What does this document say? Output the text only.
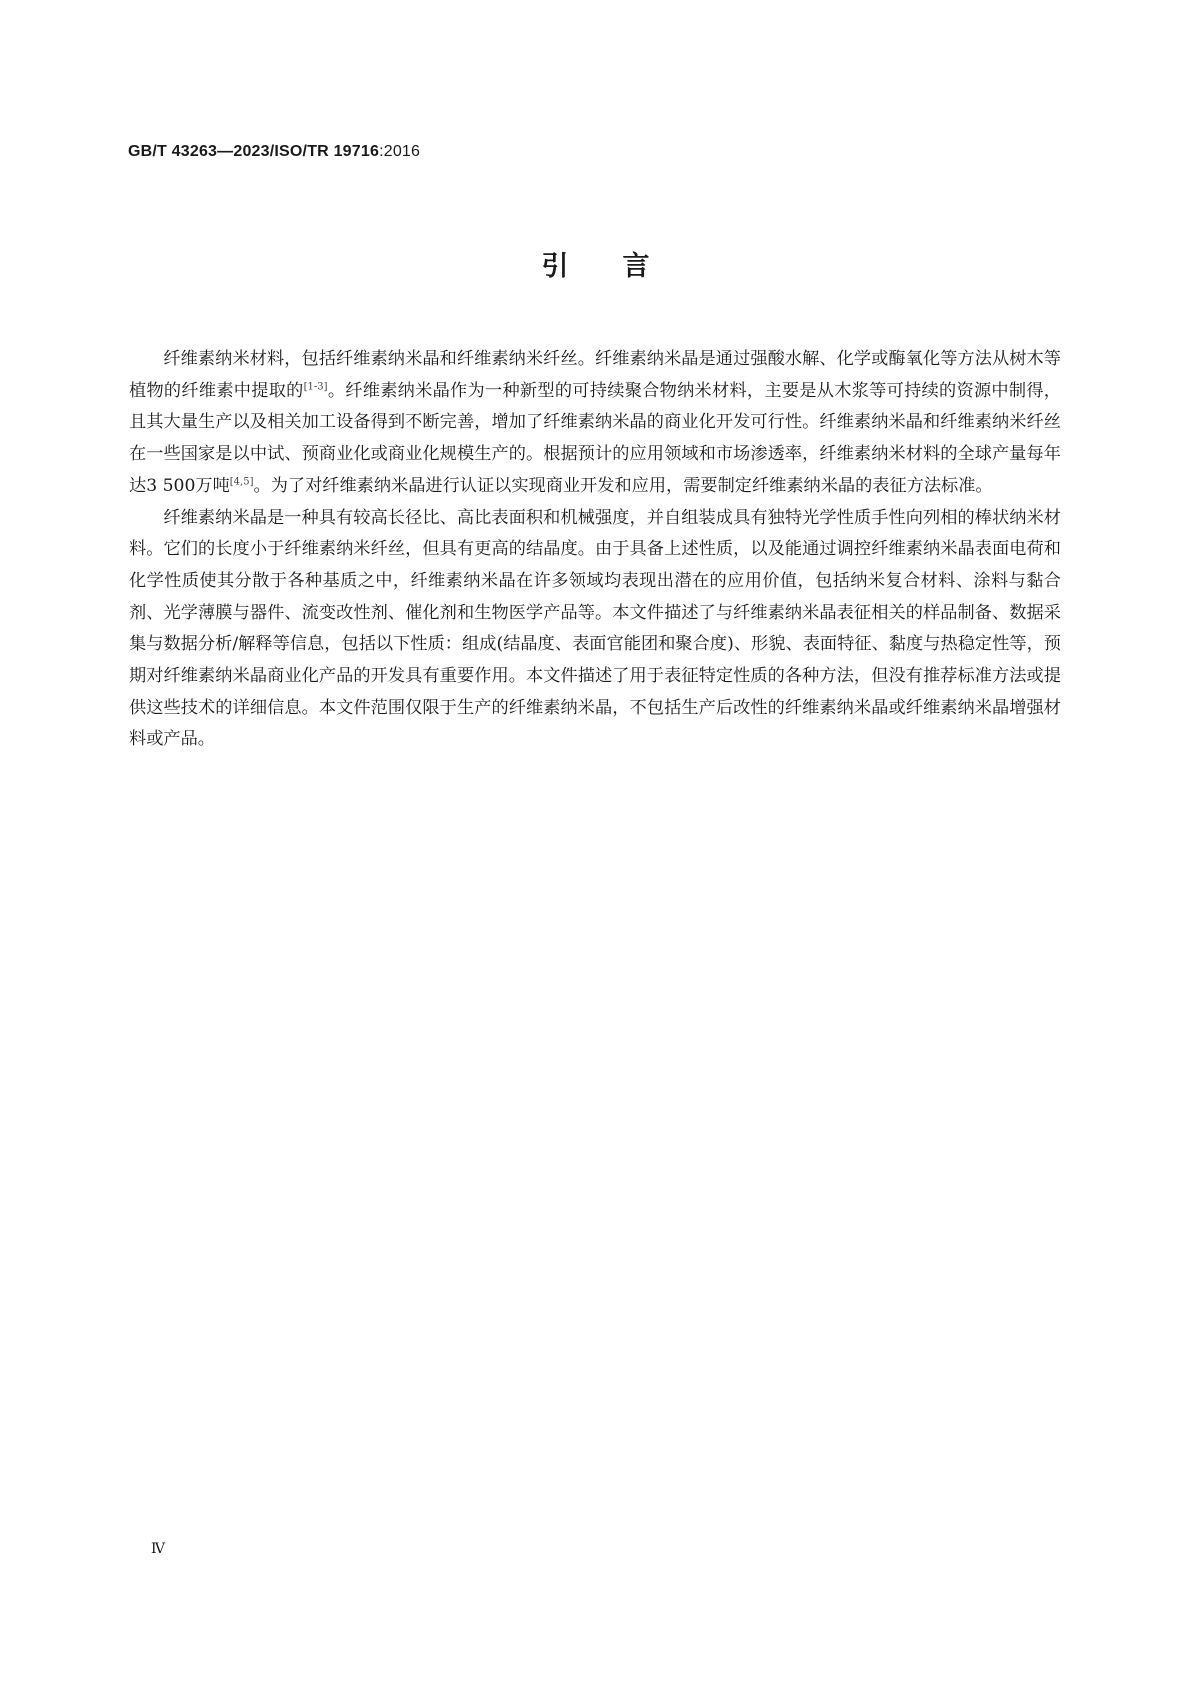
GB/T 43263—2023/ISO/TR 19716:2016
引言

纤维素纳米材料，包括纤维素纳米晶和纤维素纳米纤丝。纤维素纳米晶是通过强酸水解、化学或酶氧化等方法从树木等植物的纤维素中提取的[1-3]。纤维素纳米晶作为一种新型的可持续聚合物纳米材料，主要是从木浆等可持续的资源中制得，且其大量生产以及相关加工设备得到不断完善，增加了纤维素纳米晶的商业化开发可行性。纤维素纳米晶和纤维素纳米纤丝在一些国家是以中试、预商业化或商业化规模生产的。根据预计的应用领域和市场渗透率，纤维素纳米材料的全球产量每年达3 500万吨[4,5]。为了对纤维素纳米晶进行认证以实现商业开发和应用，需要制定纤维素纳米晶的表征方法标准。

纤维素纳米晶是一种具有较高长径比、高比表面积和机械强度，并自组装成具有独特光学性质手性向列相的棒状纳米材料。它们的长度小于纤维素纳米纤丝，但具有更高的结晶度。由于具备上述性质，以及能通过调控纤维素纳米晶表面电荷和化学性质使其分散于各种基质之中，纤维素纳米晶在许多领域均表现出潜在的应用价值，包括纳米复合材料、涂料与黏合剂、光学薄膜与器件、流变改性剂、催化剂和生物医学产品等。本文件描述了与纤维素纳米晶表征相关的样品制备、数据采集与数据分析/解释等信息，包括以下性质：组成(结晶度、表面官能团和聚合度)、形貌、表面特征、黏度与热稳定性等，预期对纤维素纳米晶商业化产品的开发具有重要作用。本文件描述了用于表征特定性质的各种方法，但没有推荐标准方法或提供这些技术的详细信息。本文件范围仅限于生产的纤维素纳米晶，不包括生产后改性的纤维素纳米晶或纤维素纳米晶增强材料或产品。

Ⅳ
